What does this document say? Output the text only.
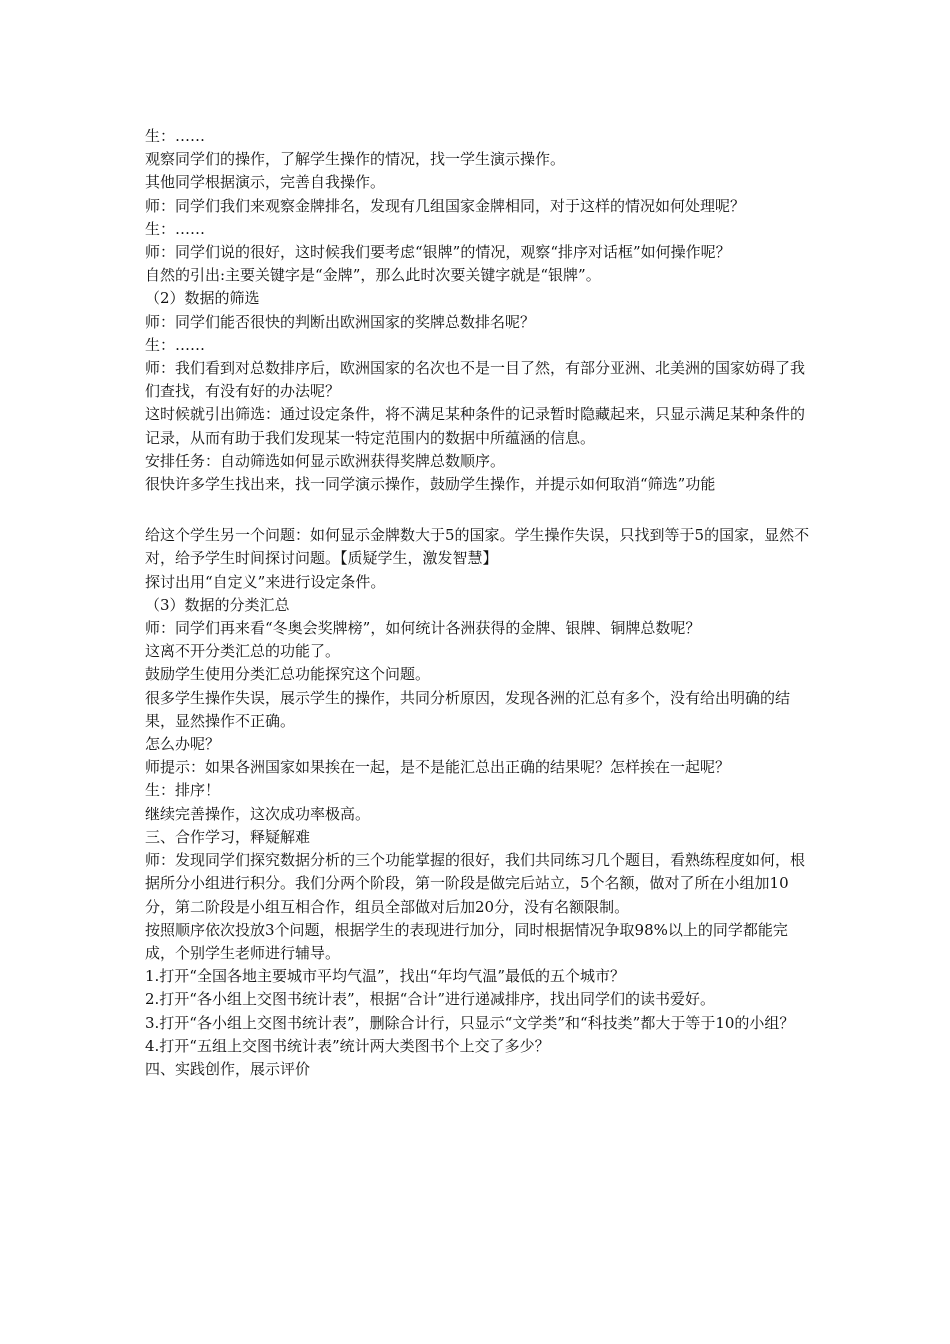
生：……

观察同学们的操作，了解学生操作的情况，找一学生演示操作。

其他同学根据演示，完善自我操作。

师：同学们我们来观察金牌排名，发现有几组国家金牌相同，对于这样的情况如何处理呢？

生：……

师：同学们说的很好，这时候我们要考虑“银牌”的情况，观察“排序对话框”如何操作呢？

自然的引出:主要关键字是“金牌”，那么此时次要关键字就是“银牌”。

（2）数据的筛选

师：同学们能否很快的判断出欧洲国家的奖牌总数排名呢？

生：……

师：我们看到对总数排序后，欧洲国家的名次也不是一目了然，有部分亚洲、北美洲的国家妨碍了我们查找，有没有好的办法呢？

这时候就引出筛选：通过设定条件，将不满足某种条件的记录暂时隐藏起来，只显示满足某种条件的记录，从而有助于我们发现某一特定范围内的数据中所蕴涵的信息。

安排任务：自动筛选如何显示欧洲获得奖牌总数顺序。

很快许多学生找出来，找一同学演示操作，鼓励学生操作，并提示如何取消“筛选”功能

给这个学生另一个问题：如何显示金牌数大于5的国家。学生操作失误，只找到等于5的国家，显然不对，给予学生时间探讨问题。【质疑学生，激发智慧】

探讨出用“自定义”来进行设定条件。

（3）数据的分类汇总

师：同学们再来看“冬奥会奖牌榜”，如何统计各洲获得的金牌、银牌、铜牌总数呢？

这离不开分类汇总的功能了。

鼓励学生使用分类汇总功能探究这个问题。

很多学生操作失误，展示学生的操作，共同分析原因，发现各洲的汇总有多个，没有给出明确的结果，显然操作不正确。

怎么办呢？

师提示：如果各洲国家如果挨在一起，是不是能汇总出正确的结果呢？怎样挨在一起呢？

生：排序！

继续完善操作，这次成功率极高。

三、合作学习，释疑解难

师：发现同学们探究数据分析的三个功能掌握的很好，我们共同练习几个题目，看熟练程度如何，根据所分小组进行积分。我们分两个阶段，第一阶段是做完后站立，5个名额，做对了所在小组加10分，第二阶段是小组互相合作，组员全部做对后加20分，没有名额限制。

按照顺序依次投放3个问题，根据学生的表现进行加分，同时根据情况争取98%以上的同学都能完成，个别学生老师进行辅导。

1.打开“全国各地主要城市平均气温”，找出“年均气温”最低的五个城市？

2.打开“各小组上交图书统计表”，根据“合计”进行递减排序，找出同学们的读书爱好。

3.打开“各小组上交图书统计表”，删除合计行，只显示“文学类”和“科技类”都大于等于10的小组？

4.打开“五组上交图书统计表”统计两大类图书个上交了多少？

四、实践创作，展示评价
